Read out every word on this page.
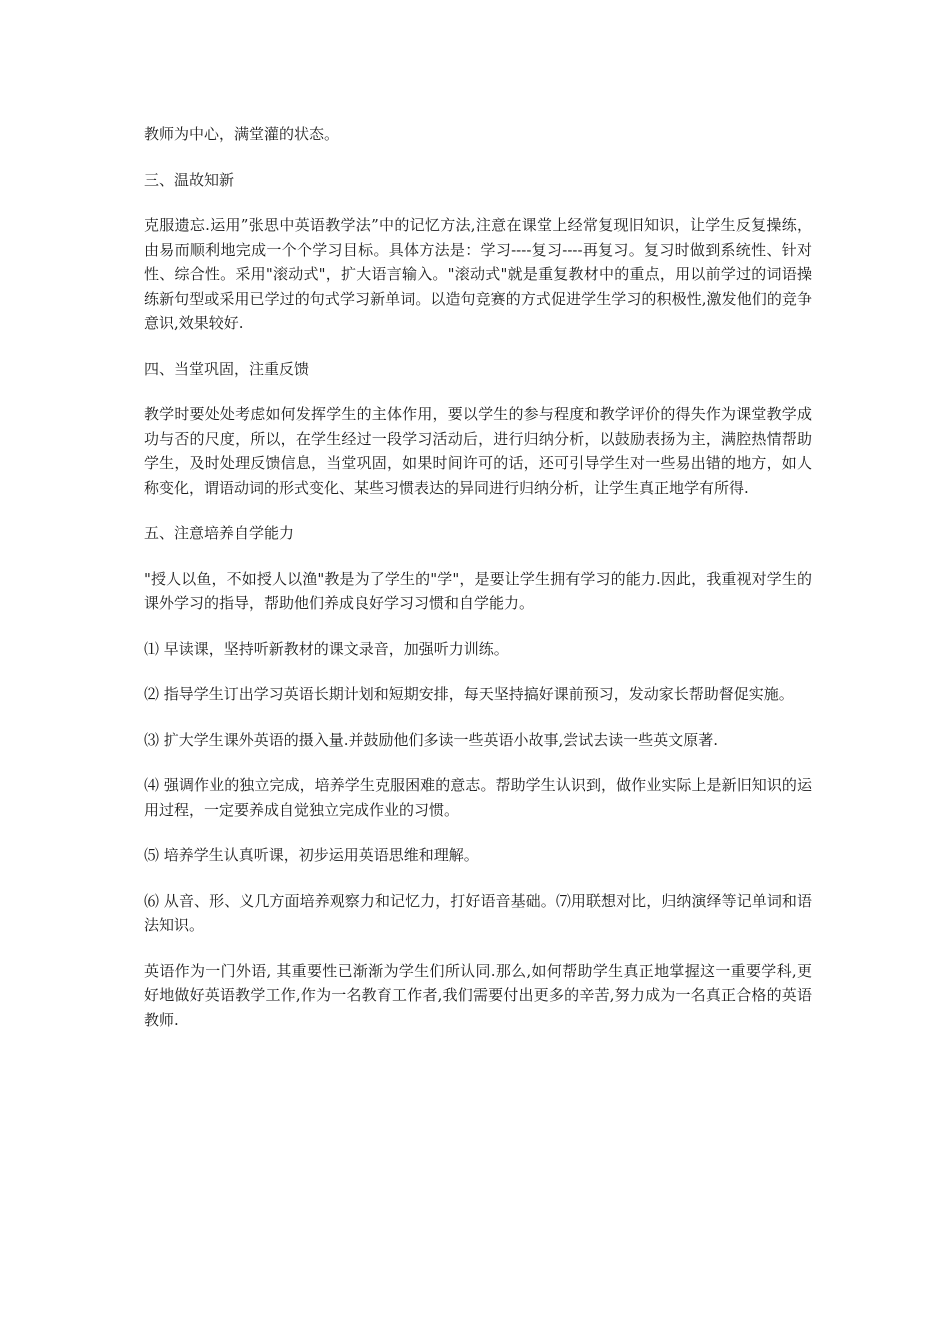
教师为中心，满堂灌的状态。

三、温故知新

克服遗忘.运用”张思中英语教学法”中的记忆方法,注意在课堂上经常复现旧知识，让学生反复操练，由易而顺利地完成一个个学习目标。具体方法是：学习----复习----再复习。复习时做到系统性、针对性、综合性。采用"滚动式"，扩大语言输入。"滚动式"就是重复教材中的重点，用以前学过的词语操练新句型或采用已学过的句式学习新单词。以造句竞赛的方式促进学生学习的积极性,激发他们的竞争意识,效果较好.

四、当堂巩固，注重反馈

教学时要处处考虑如何发挥学生的主体作用，要以学生的参与程度和教学评价的得失作为课堂教学成功与否的尺度，所以，在学生经过一段学习活动后，进行归纳分析，以鼓励表扬为主，满腔热情帮助学生，及时处理反馈信息，当堂巩固，如果时间许可的话，还可引导学生对一些易出错的地方，如人称变化，谓语动词的形式变化、某些习惯表达的异同进行归纳分析，让学生真正地学有所得.

五、注意培养自学能力

"授人以鱼，不如授人以渔"教是为了学生的"学"，是要让学生拥有学习的能力.因此，我重视对学生的课外学习的指导，帮助他们养成良好学习习惯和自学能力。

⑴ 早读课，坚持听新教材的课文录音，加强听力训练。

⑵ 指导学生订出学习英语长期计划和短期安排，每天坚持搞好课前预习，发动家长帮助督促实施。

⑶ 扩大学生课外英语的摄入量.并鼓励他们多读一些英语小故事,尝试去读一些英文原著.

⑷ 强调作业的独立完成，培养学生克服困难的意志。帮助学生认识到，做作业实际上是新旧知识的运用过程，一定要养成自觉独立完成作业的习惯。

⑸ 培养学生认真听课，初步运用英语思维和理解。

⑹ 从音、形、义几方面培养观察力和记忆力，打好语音基础。⑺用联想对比，归纳演绎等记单词和语法知识。

英语作为一门外语, 其重要性已渐渐为学生们所认同.那么,如何帮助学生真正地掌握这一重要学科,更好地做好英语教学工作,作为一名教育工作者,我们需要付出更多的辛苦,努力成为一名真正合格的英语教师.
